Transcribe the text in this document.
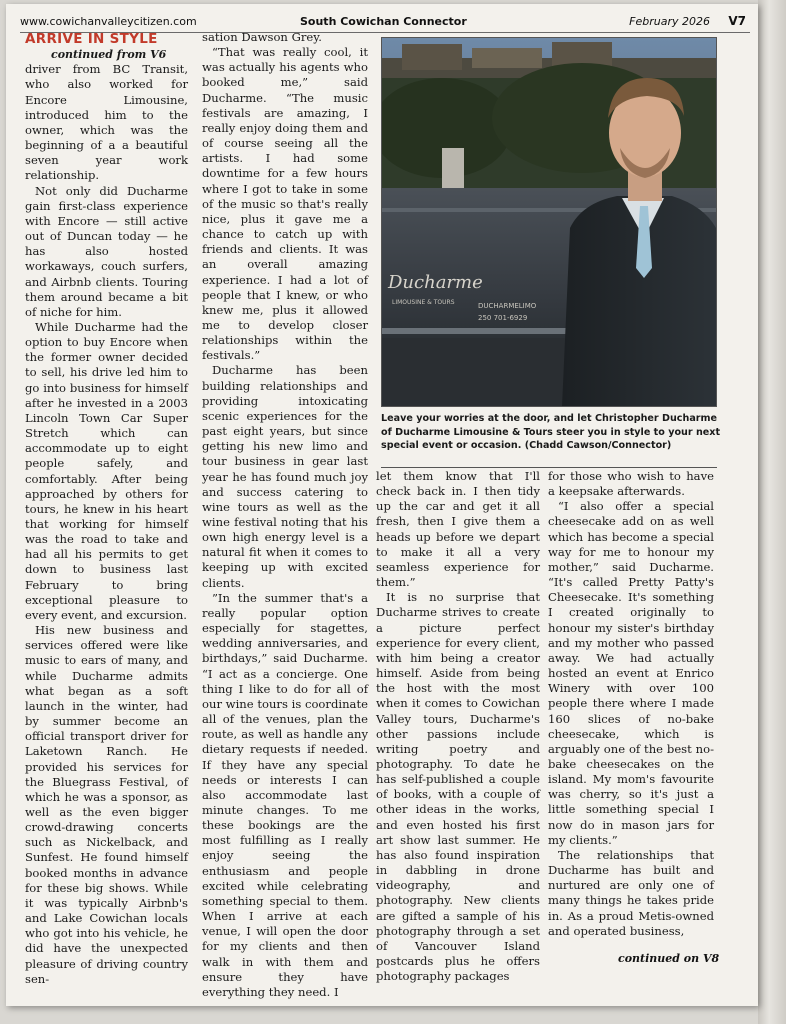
www.cowichanvalleycitizen.com	South Cowichan Connector	February 2026 V7
ARRIVE IN STYLE
continued from V6

driver from BC Transit, who also worked for Encore Limousine, introduced him to the owner, which was the beginning of a a beautiful seven year work relationship.

Not only did Ducharme gain first-class experience with Encore — still active out of Duncan today — he has also hosted workaways, couch surfers, and Airbnb clients. Touring them around became a bit of niche for him.

While Ducharme had the option to buy Encore when the former owner decided to sell, his drive led him to go into business for himself after he invested in a 2003 Lincoln Town Car Super Stretch which can accommodate up to eight people safely, and comfortably. After being approached by others for tours, he knew in his heart that working for himself was the road to take and had all his permits to get down to business last February to bring exceptional pleasure to every event, and excursion.

His new business and services offered were like music to ears of many, and while Ducharme admits what began as a soft launch in the winter, had by summer become an official transport driver for Laketown Ranch. He provided his services for the Bluegrass Festival, of which he was a sponsor, as well as the even bigger crowd-drawing concerts such as Nickelback, and Sunfest. He found himself booked months in advance for these big shows. While it was typically Airbnb's and Lake Cowichan locals who got into his vehicle, he did have the unexpected pleasure of driving country sen-

sation Dawson Grey.

“That was really cool, it was actually his agents who booked me,” said Ducharme. “The music festivals are amazing, I really enjoy doing them and of course seeing all the artists. I had some downtime for a few hours where I got to take in some of the music so that's really nice, plus it gave me a chance to catch up with friends and clients. It was an overall amazing experience. I had a lot of people that I knew, or who knew me, plus it allowed me to develop closer relationships within the festivals.”

Ducharme has been building relationships and providing intoxicating scenic experiences for the past eight years, but since getting his new limo and tour business in gear last year he has found much joy and success catering to wine tours as well as the wine festival noting that his own high energy level is a natural fit when it comes to keeping up with excited clients.

”In the summer that's a really popular option especially for stagettes, wedding anniversaries, and birthdays,” said Ducharme. “I act as a concierge. One thing I like to do for all of our wine tours is coordinate all of the venues, plan the route, as well as handle any dietary requests if needed. If they have any special needs or interests I can also accommodate last minute changes. To me these bookings are the most fulfilling as I really enjoy seeing the enthusiasm and people excited while celebrating something special to them. When I arrive at each venue, I will open the door for my clients and then walk in with them and ensure they have everything they need. I

Ducharme
LIMOUSINE & TOURS	DUCHARMELIMO
250 701-6929
Leave your worries at the door, and let Christopher Ducharme of Ducharme Limousine & Tours steer you in style to your next special event or occasion. (Chadd Cawson/Connector)

let them know that I'll check back in. I then tidy up the car and get it all fresh, then I give them a heads up before we depart to make it all a very seamless experience for them.”

It is no surprise that Ducharme strives to create a picture perfect experience for every client, with him being a creator himself. Aside from being the host with the most when it comes to Cowichan Valley tours, Ducharme's other passions include writing poetry and photography. To date he has self-published a couple of books, with a couple of other ideas in the works, and even hosted his first art show last summer. He has also found inspiration in dabbling in drone videography, and photography. New clients are gifted a sample of his photography through a set of Vancouver Island postcards plus he offers photography packages

for those who wish to have a keepsake afterwards.

“I also offer a special cheesecake add on as well which has become a special way for me to honour my mother,” said Ducharme. “It's called Pretty Patty's Cheesecake. It's something I created originally to honour my sister's birthday and my mother who passed away. We had actually hosted an event at Enrico Winery with over 100 people there where I made 160 slices of no-bake cheesecake, which is arguably one of the best no-bake cheesecakes on the island. My mom's favourite was cherry, so it's just a little something special I now do in mason jars for my clients.”

The relationships that Ducharme has built and nurtured are only one of many things he takes pride in. As a proud Metis-owned and operated business,

continued on V8
